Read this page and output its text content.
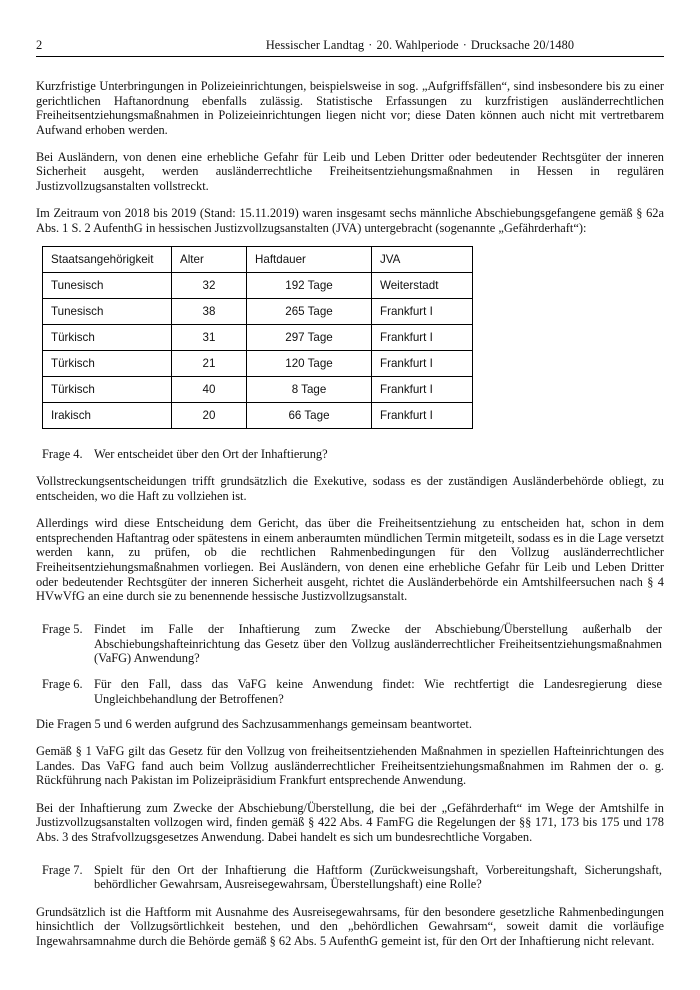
2	Hessischer Landtag · 20. Wahlperiode · Drucksache 20/1480

Kurzfristige Unterbringungen in Polizeieinrichtungen, beispielsweise in sog. „Aufgriffsfällen“, sind insbesondere bis zu einer gerichtlichen Haftanordnung ebenfalls zulässig. Statistische Erfassungen zu kurzfristigen ausländerrechtlichen Freiheitsentziehungsmaßnahmen in Polizeieinrichtungen liegen nicht vor; diese Daten können auch nicht mit vertretbarem Aufwand erhoben werden.

Bei Ausländern, von denen eine erhebliche Gefahr für Leib und Leben Dritter oder bedeutender Rechtsgüter der inneren Sicherheit ausgeht, werden ausländerrechtliche Freiheitsentziehungsmaßnahmen in Hessen in regulären Justizvollzugsanstalten vollstreckt.

Im Zeitraum von 2018 bis 2019 (Stand: 15.11.2019) waren insgesamt sechs männliche Abschiebungsgefangene gemäß § 62a Abs. 1 S. 2 AufenthG in hessischen Justizvollzugsanstalten (JVA) untergebracht (sogenannte „Gefährderhaft“):

Staatsangehörigkeit	Alter	Haftdauer	JVA
Tunesisch	32	192 Tage	Weiterstadt
Tunesisch	38	265 Tage	Frankfurt I
Türkisch	31	297 Tage	Frankfurt I
Türkisch	21	120 Tage	Frankfurt I
Türkisch	40	8 Tage	Frankfurt I
Irakisch	20	66 Tage	Frankfurt I
Frage 4. Wer entscheidet über den Ort der Inhaftierung?

Vollstreckungsentscheidungen trifft grundsätzlich die Exekutive, sodass es der zuständigen Ausländerbehörde obliegt, zu entscheiden, wo die Haft zu vollziehen ist.

Allerdings wird diese Entscheidung dem Gericht, das über die Freiheitsentziehung zu entscheiden hat, schon in dem entsprechenden Haftantrag oder spätestens in einem anberaumten mündlichen Termin mitgeteilt, sodass es in die Lage versetzt werden kann, zu prüfen, ob die rechtlichen Rahmenbedingungen für den Vollzug ausländerrechtlicher Freiheitsentziehungsmaßnahmen vorliegen. Bei Ausländern, von denen eine erhebliche Gefahr für Leib und Leben Dritter oder bedeutender Rechtsgüter der inneren Sicherheit ausgeht, richtet die Ausländerbehörde ein Amtshilfeersuchen nach § 4 HVwVfG an eine durch sie zu benennende hessische Justizvollzugsanstalt.

Frage 5. Findet im Falle der Inhaftierung zum Zwecke der Abschiebung/Überstellung außerhalb der Abschiebungshafteinrichtung das Gesetz über den Vollzug ausländerrechtlicher Freiheitsentziehungsmaßnahmen (VaFG) Anwendung?
Frage 6. Für den Fall, dass das VaFG keine Anwendung findet: Wie rechtfertigt die Landesregierung diese Ungleichbehandlung der Betroffenen?

Die Fragen 5 und 6 werden aufgrund des Sachzusammenhangs gemeinsam beantwortet.

Gemäß § 1 VaFG gilt das Gesetz für den Vollzug von freiheitsentziehenden Maßnahmen in speziellen Hafteinrichtungen des Landes. Das VaFG fand auch beim Vollzug ausländerrechtlicher Freiheitsentziehungsmaßnahmen im Rahmen der o. g. Rückführung nach Pakistan im Polizeipräsidium Frankfurt entsprechende Anwendung.

Bei der Inhaftierung zum Zwecke der Abschiebung/Überstellung, die bei der „Gefährderhaft“ im Wege der Amtshilfe in Justizvollzugsanstalten vollzogen wird, finden gemäß § 422 Abs. 4 FamFG die Regelungen der §§ 171, 173 bis 175 und 178 Abs. 3 des Strafvollzugsgesetzes Anwendung. Dabei handelt es sich um bundesrechtliche Vorgaben.

Frage 7. Spielt für den Ort der Inhaftierung die Haftform (Zurückweisungshaft, Vorbereitungshaft, Sicherungshaft, behördlicher Gewahrsam, Ausreisegewahrsam, Überstellungshaft) eine Rolle?

Grundsätzlich ist die Haftform mit Ausnahme des Ausreisegewahrsams, für den besondere gesetzliche Rahmenbedingungen hinsichtlich der Vollzugsörtlichkeit bestehen, und den „behördlichen Gewahrsam“, soweit damit die vorläufige Ingewahrsamnahme durch die Behörde gemäß § 62 Abs. 5 AufenthG gemeint ist, für den Ort der Inhaftierung nicht relevant.
